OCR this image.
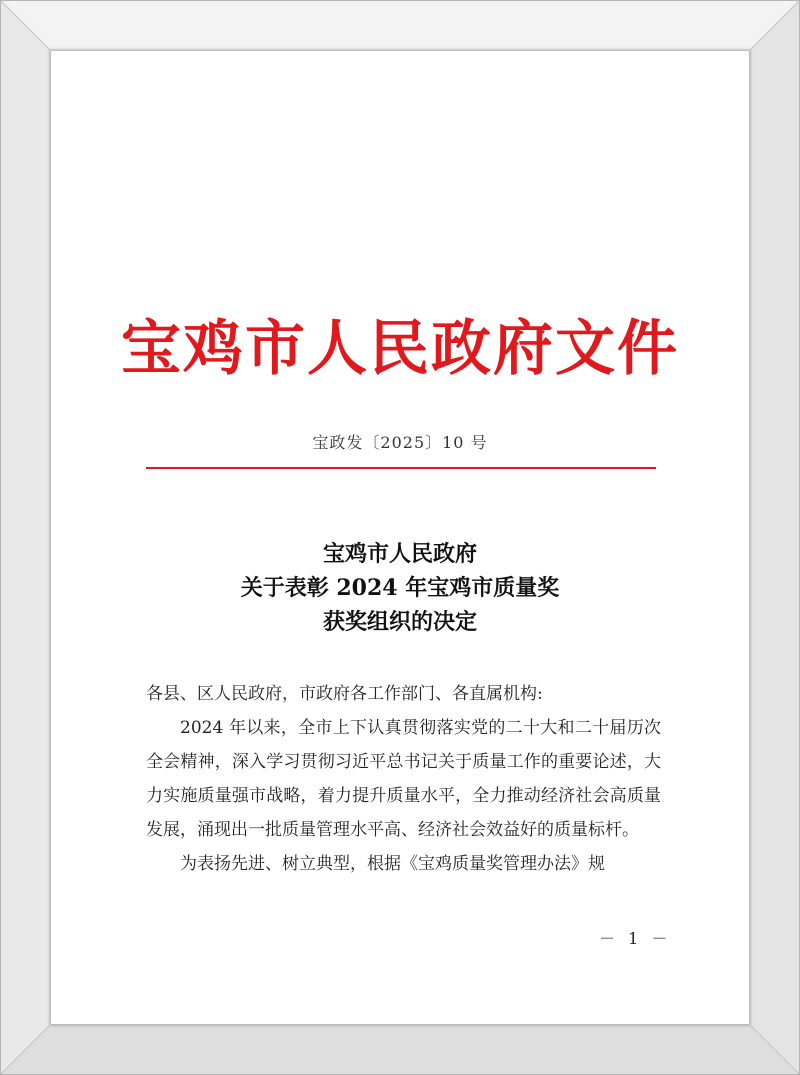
宝鸡市人民政府文件
宝政发〔2025〕10 号
宝鸡市人民政府
关于表彰 2024 年宝鸡市质量奖
获奖组织的决定

各县、区人民政府，市政府各工作部门、各直属机构:

2024 年以来，全市上下认真贯彻落实党的二十大和二十届历次全会精神，深入学习贯彻习近平总书记关于质量工作的重要论述，大力实施质量强市战略，着力提升质量水平，全力推动经济社会高质量发展，涌现出一批质量管理水平高、经济社会效益好的质量标杆。

为表扬先进、树立典型，根据《宝鸡质量奖管理办法》规

－ 1 －
